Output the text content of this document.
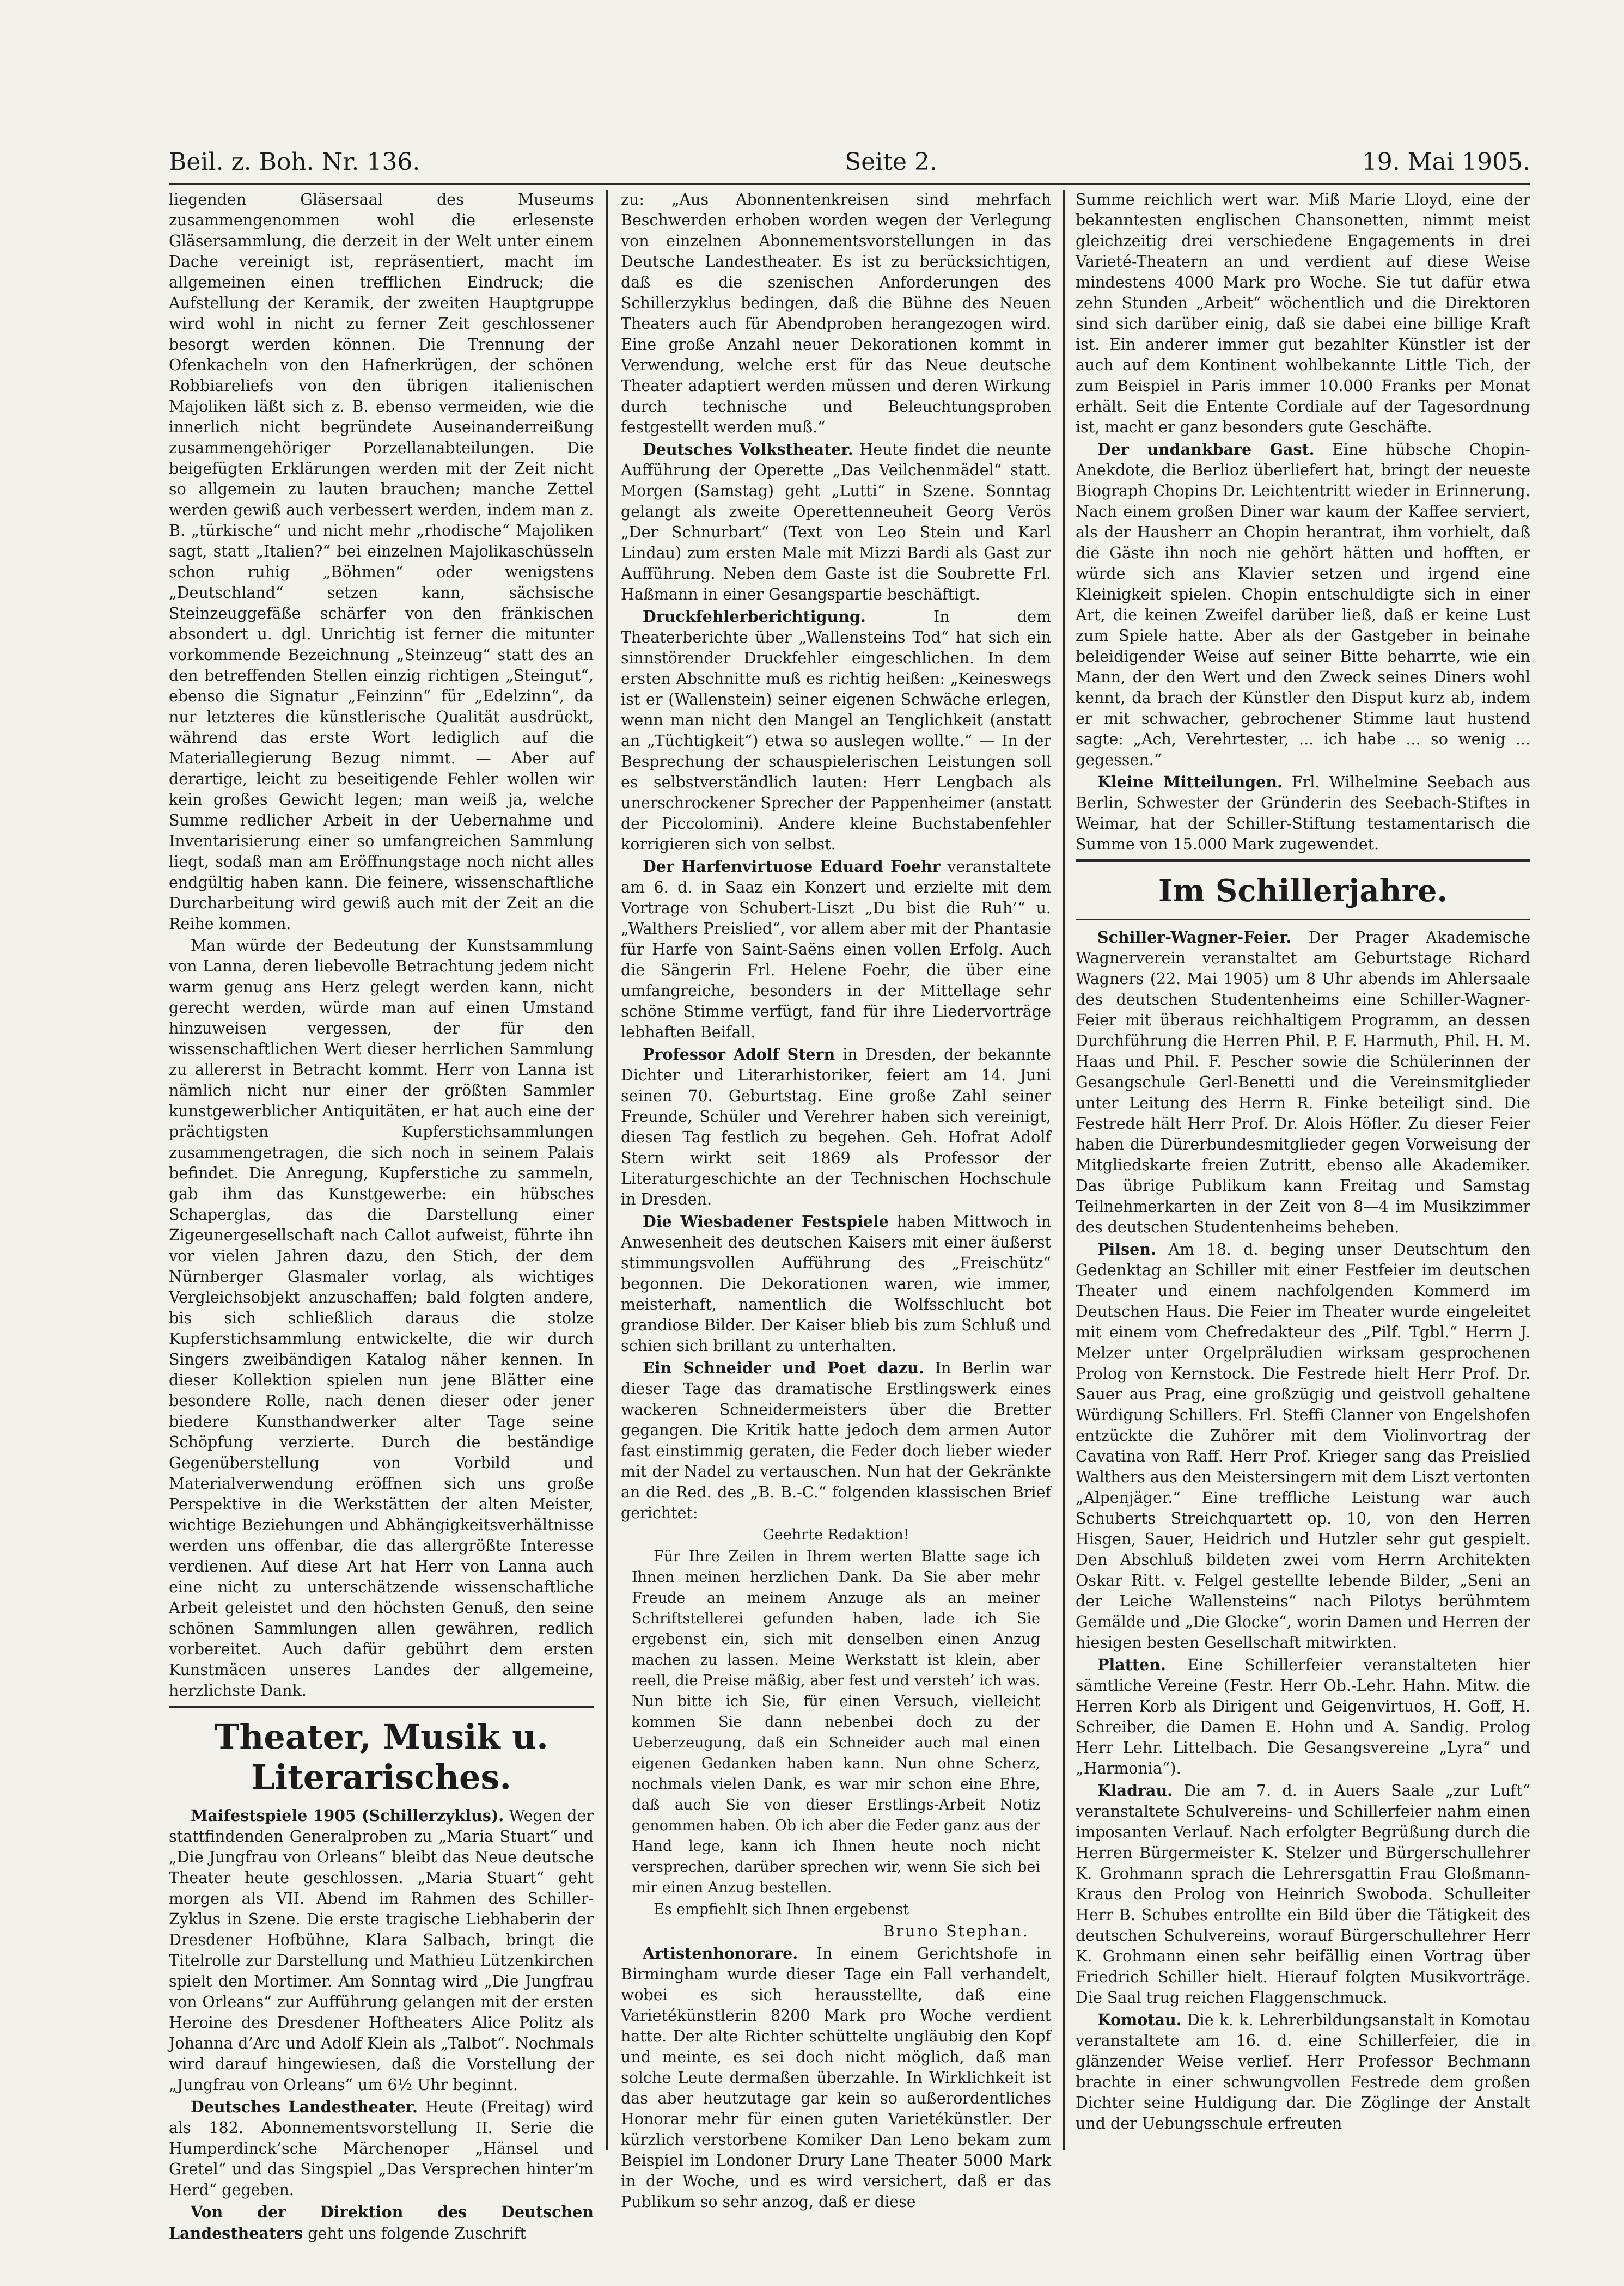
Beil. z. Boh. Nr. 136.	Seite 2.	19. Mai 1905.

liegenden Gläsersaal des Museums zusammengenommen wohl die erlesenste Gläsersammlung, die derzeit in der Welt unter einem Dache vereinigt ist, repräsentiert, macht im allgemeinen einen trefflichen Eindruck; die Aufstellung der Keramik, der zweiten Hauptgruppe wird wohl in nicht zu ferner Zeit geschlossener besorgt werden können. Die Trennung der Ofenkacheln von den Hafnerkrügen, der schönen Robbiareliefs von den übrigen italienischen Majoliken läßt sich z. B. ebenso vermeiden, wie die innerlich nicht begründete Auseinanderreißung zusammengehöriger Porzellanabteilungen. Die beigefügten Erklärungen werden mit der Zeit nicht so allgemein zu lauten brauchen; manche Zettel werden gewiß auch verbessert werden, indem man z. B. „türkische“ und nicht mehr „rhodische“ Majoliken sagt, statt „Italien?“ bei einzelnen Majolikaschüsseln schon ruhig „Böhmen“ oder wenigstens „Deutschland“ setzen kann, sächsische Steinzeuggefäße schärfer von den fränkischen absondert u. dgl. Unrichtig ist ferner die mitunter vorkommende Bezeichnung „Steinzeug“ statt des an den betreffenden Stellen einzig richtigen „Steingut“, ebenso die Signatur „Feinzinn“ für „Edelzinn“, da nur letzteres die künstlerische Qualität ausdrückt, während das erste Wort lediglich auf die Materiallegierung Bezug nimmt. — Aber auf derartige, leicht zu beseitigende Fehler wollen wir kein großes Gewicht legen; man weiß ja, welche Summe redlicher Arbeit in der Uebernahme und Inventarisierung einer so umfangreichen Sammlung liegt, sodaß man am Eröffnungstage noch nicht alles endgültig haben kann. Die feinere, wissenschaftliche Durcharbeitung wird gewiß auch mit der Zeit an die Reihe kommen.

Man würde der Bedeutung der Kunstsammlung von Lanna, deren liebevolle Betrachtung jedem nicht warm genug ans Herz gelegt werden kann, nicht gerecht werden, würde man auf einen Umstand hinzuweisen vergessen, der für den wissenschaftlichen Wert dieser herrlichen Sammlung zu allererst in Betracht kommt. Herr von Lanna ist nämlich nicht nur einer der größten Sammler kunstgewerblicher Antiquitäten, er hat auch eine der prächtigsten Kupferstichsammlungen zusammengetragen, die sich noch in seinem Palais befindet. Die Anregung, Kupferstiche zu sammeln, gab ihm das Kunstgewerbe: ein hübsches Schaperglas, das die Darstellung einer Zigeunergesellschaft nach Callot aufweist, führte ihn vor vielen Jahren dazu, den Stich, der dem Nürnberger Glasmaler vorlag, als wichtiges Vergleichsobjekt anzuschaffen; bald folgten andere, bis sich schließlich daraus die stolze Kupferstichsammlung entwickelte, die wir durch Singers zweibändigen Katalog näher kennen. In dieser Kollektion spielen nun jene Blätter eine besondere Rolle, nach denen dieser oder jener biedere Kunsthandwerker alter Tage seine Schöpfung verzierte. Durch die beständige Gegenüberstellung von Vorbild und Materialverwendung eröffnen sich uns große Perspektive in die Werkstätten der alten Meister, wichtige Beziehungen und Abhängigkeitsverhältnisse werden uns offenbar, die das allergrößte Interesse verdienen. Auf diese Art hat Herr von Lanna auch eine nicht zu unterschätzende wissenschaftliche Arbeit geleistet und den höchsten Genuß, den seine schönen Sammlungen allen gewähren, redlich vorbereitet. Auch dafür gebührt dem ersten Kunstmäcen unseres Landes der allgemeine, herzlichste Dank.

Theater, Musik u. Literarisches.

Maifestspiele 1905 (Schillerzyklus). Wegen der stattfindenden Generalproben zu „Maria Stuart“ und „Die Jungfrau von Orleans“ bleibt das Neue deutsche Theater heute geschlossen. „Maria Stuart“ geht morgen als VII. Abend im Rahmen des Schiller-Zyklus in Szene. Die erste tragische Liebhaberin der Dresdener Hofbühne, Klara Salbach, bringt die Titelrolle zur Darstellung und Mathieu Lützenkirchen spielt den Mortimer. Am Sonntag wird „Die Jungfrau von Orleans“ zur Aufführung gelangen mit der ersten Heroine des Dresdener Hoftheaters Alice Politz als Johanna d’Arc und Adolf Klein als „Talbot“. Nochmals wird darauf hingewiesen, daß die Vorstellung der „Jungfrau von Orleans“ um 6½ Uhr beginnt.

Deutsches Landestheater. Heute (Freitag) wird als 182. Abonnementsvorstellung II. Serie die Humperdinck’sche Märchenoper „Hänsel und Gretel“ und das Singspiel „Das Versprechen hinter’m Herd“ gegeben.

Von der Direktion des Deutschen Landestheaters geht uns folgende Zuschrift

zu: „Aus Abonnentenkreisen sind mehrfach Beschwerden erhoben worden wegen der Verlegung von einzelnen Abonnementsvorstellungen in das Deutsche Landestheater. Es ist zu berücksichtigen, daß es die szenischen Anforderungen des Schillerzyklus bedingen, daß die Bühne des Neuen Theaters auch für Abendproben herangezogen wird. Eine große Anzahl neuer Dekorationen kommt in Verwendung, welche erst für das Neue deutsche Theater adaptiert werden müssen und deren Wirkung durch technische und Beleuchtungsproben festgestellt werden muß.“

Deutsches Volkstheater. Heute findet die neunte Aufführung der Operette „Das Veilchenmädel“ statt. Morgen (Samstag) geht „Lutti“ in Szene. Sonntag gelangt als zweite Operettenneuheit Georg Verös „Der Schnurbart“ (Text von Leo Stein und Karl Lindau) zum ersten Male mit Mizzi Bardi als Gast zur Aufführung. Neben dem Gaste ist die Soubrette Frl. Haßmann in einer Gesangspartie beschäftigt.

Druckfehlerberichtigung.	In dem Theaterberichte über „Wallensteins Tod“ hat sich ein sinnstörender Druckfehler eingeschlichen. In dem ersten Abschnitte muß es richtig heißen: „Keineswegs ist er (Wallenstein) seiner eigenen Schwäche erlegen, wenn man nicht den Mangel an Tenglichkeit (anstatt an „Tüchtigkeit“) etwa so auslegen wollte.“ — In der Besprechung der schauspielerischen Leistungen soll es selbstverständlich lauten: Herr Lengbach als unerschrockener Sprecher der Pappenheimer (anstatt der Piccolomini). Andere kleine Buchstabenfehler korrigieren sich von selbst.

Der Harfenvirtuose Eduard Foehr veranstaltete am 6. d. in Saaz ein Konzert und erzielte mit dem Vortrage von Schubert-Liszt „Du bist die Ruh’“ u. „Walthers Preislied“, vor allem aber mit der Phantasie für Harfe von Saint-Saëns einen vollen Erfolg. Auch die Sängerin Frl. Helene Foehr, die über eine umfangreiche, besonders in der Mittellage sehr schöne Stimme verfügt, fand für ihre Liedervorträge lebhaften Beifall.

Professor Adolf Stern in Dresden, der bekannte Dichter und Literarhistoriker, feiert am 14. Juni seinen 70. Geburtstag. Eine große Zahl seiner Freunde, Schüler und Verehrer haben sich vereinigt, diesen Tag festlich zu begehen. Geh. Hofrat Adolf Stern wirkt seit 1869 als Professor der Literaturgeschichte an der Technischen Hochschule in Dresden.

Die Wiesbadener Festspiele haben Mittwoch in Anwesenheit des deutschen Kaisers mit einer äußerst stimmungsvollen Aufführung des „Freischütz“ begonnen. Die Dekorationen waren, wie immer, meisterhaft, namentlich die Wolfsschlucht bot grandiose Bilder. Der Kaiser blieb bis zum Schluß und schien sich brillant zu unterhalten.

Ein Schneider und Poet dazu. In Berlin war dieser Tage das dramatische Erstlingswerk eines wackeren Schneidermeisters über die Bretter gegangen. Die Kritik hatte jedoch dem armen Autor fast einstimmig geraten, die Feder doch lieber wieder mit der Nadel zu vertauschen. Nun hat der Gekränkte an die Red. des „B. B.-C.“ folgenden klassischen Brief gerichtet:

Geehrte Redaktion!

Für Ihre Zeilen in Ihrem werten Blatte sage ich Ihnen meinen herzlichen Dank. Da Sie aber mehr Freude an meinem Anzuge als an meiner Schriftstellerei gefunden haben, lade ich Sie ergebenst ein, sich mit denselben einen Anzug machen zu lassen. Meine Werkstatt ist klein, aber reell, die Preise mäßig, aber fest und versteh’ ich was. Nun bitte ich Sie, für einen Versuch, vielleicht kommen Sie dann nebenbei doch zu der Ueberzeugung, daß ein Schneider auch mal einen eigenen Gedanken haben kann. Nun ohne Scherz, nochmals vielen Dank, es war mir schon eine Ehre, daß auch Sie von dieser Erstlings-Arbeit Notiz genommen haben. Ob ich aber die Feder ganz aus der Hand lege, kann ich Ihnen heute noch nicht versprechen, darüber sprechen wir, wenn Sie sich bei mir einen Anzug bestellen.

Es empfiehlt sich Ihnen ergebenst

Bruno Stephan.

Artistenhonorare. In einem Gerichtshofe in Birmingham wurde dieser Tage ein Fall verhandelt, wobei es sich herausstellte, daß eine Varietékünstlerin 8200 Mark pro Woche verdient hatte. Der alte Richter schüttelte ungläubig den Kopf und meinte, es sei doch nicht möglich, daß man solche Leute dermaßen überzahle. In Wirklichkeit ist das aber heutzutage gar kein so außerordentliches Honorar mehr für einen guten Varietékünstler. Der kürzlich verstorbene Komiker Dan Leno bekam zum Beispiel im Londoner Drury Lane Theater 5000 Mark in der Woche, und es wird versichert, daß er das Publikum so sehr anzog, daß er diese

Summe reichlich wert war. Miß Marie Lloyd, eine der bekanntesten englischen Chansonetten, nimmt meist gleichzeitig drei verschiedene Engagements in drei Varieté-Theatern an und verdient auf diese Weise mindestens 4000 Mark pro Woche. Sie tut dafür etwa zehn Stunden „Arbeit“ wöchentlich und die Direktoren sind sich darüber einig, daß sie dabei eine billige Kraft ist. Ein anderer immer gut bezahlter Künstler ist der auch auf dem Kontinent wohlbekannte Little Tich, der zum Beispiel in Paris immer 10.000 Franks per Monat erhält. Seit die Entente Cordiale auf der Tagesordnung ist, macht er ganz besonders gute Geschäfte.

Der undankbare Gast. Eine hübsche Chopin-Anekdote, die Berlioz überliefert hat, bringt der neueste Biograph Chopins Dr. Leichtentritt wieder in Erinnerung. Nach einem großen Diner war kaum der Kaffee serviert, als der Hausherr an Chopin herantrat, ihm vorhielt, daß die Gäste ihn noch nie gehört hätten und hofften, er würde sich ans Klavier setzen und irgend eine Kleinigkeit spielen. Chopin entschuldigte sich in einer Art, die keinen Zweifel darüber ließ, daß er keine Lust zum Spiele hatte. Aber als der Gastgeber in beinahe beleidigender Weise auf seiner Bitte beharrte, wie ein Mann, der den Wert und den Zweck seines Diners wohl kennt, da brach der Künstler den Disput kurz ab, indem er mit schwacher, gebrochener Stimme laut hustend sagte: „Ach, Verehrtester, ... ich habe ... so wenig ... gegessen.“

Kleine Mitteilungen. Frl. Wilhelmine Seebach aus Berlin, Schwester der Gründerin des Seebach-Stiftes in Weimar, hat der Schiller-Stiftung testamentarisch die Summe von 15.000 Mark zugewendet.

Im Schillerjahre.

Schiller-Wagner-Feier. Der Prager Akademische Wagnerverein veranstaltet am Geburtstage Richard Wagners (22. Mai 1905) um 8 Uhr abends im Ahlersaale des deutschen Studentenheims eine Schiller-Wagner-Feier mit überaus reichhaltigem Programm, an dessen Durchführung die Herren Phil. P. F. Harmuth, Phil. H. M. Haas und Phil. F. Pescher sowie die Schülerinnen der Gesangschule Gerl-Benetti und die Vereinsmitglieder unter Leitung des Herrn R. Finke beteiligt sind. Die Festrede hält Herr Prof. Dr. Alois Höfler. Zu dieser Feier haben die Dürerbundesmitglieder gegen Vorweisung der Mitgliedskarte freien Zutritt, ebenso alle Akademiker. Das übrige Publikum kann Freitag und Samstag Teilnehmerkarten in der Zeit von 8—4 im Musikzimmer des deutschen Studentenheims beheben.

Pilsen. Am 18. d. beging unser Deutschtum den Gedenktag an Schiller mit einer Festfeier im deutschen Theater und einem nachfolgenden Kommerd im Deutschen Haus. Die Feier im Theater wurde eingeleitet mit einem vom Chefredakteur des „Pilf. Tgbl.“ Herrn J. Melzer unter Orgelpräludien wirksam gesprochenen Prolog von Kernstock. Die Festrede hielt Herr Prof. Dr. Sauer aus Prag, eine großzügig und geistvoll gehaltene Würdigung Schillers. Frl. Steffi Clanner von Engelshofen entzückte die Zuhörer mit dem Violinvortrag der Cavatina von Raff. Herr Prof. Krieger sang das Preislied Walthers aus den Meistersingern mit dem Liszt vertonten „Alpenjäger.“ Eine treffliche Leistung war auch Schuberts Streichquartett op. 10, von den Herren Hisgen, Sauer, Heidrich und Hutzler sehr gut gespielt. Den Abschluß bildeten zwei vom Herrn Architekten Oskar Ritt. v. Felgel gestellte lebende Bilder, „Seni an der Leiche Wallensteins“ nach Pilotys berühmtem Gemälde und „Die Glocke“, worin Damen und Herren der hiesigen besten Gesellschaft mitwirkten.

Platten. Eine Schillerfeier veranstalteten hier sämtliche Vereine (Festr. Herr Ob.-Lehr. Hahn. Mitw. die Herren Korb als Dirigent und Geigenvirtuos, H. Goff, H. Schreiber, die Damen E. Hohn und A. Sandig. Prolog Herr Lehr. Littelbach. Die Gesangsvereine „Lyra“ und „Harmonia“).

Kladrau. Die am 7. d. in Auers Saale „zur Luft“ veranstaltete Schulvereins- und Schillerfeier nahm einen imposanten Verlauf. Nach erfolgter Begrüßung durch die Herren Bürgermeister K. Stelzer und Bürgerschullehrer K. Grohmann sprach die Lehrersgattin Frau Gloßmann-Kraus den Prolog von Heinrich Swoboda. Schulleiter Herr B. Schubes entrollte ein Bild über die Tätigkeit des deutschen Schulvereins, worauf Bürgerschullehrer Herr K. Grohmann einen sehr beifällig einen Vortrag über Friedrich Schiller hielt. Hierauf folgten Musikvorträge. Die Saal trug reichen Flaggenschmuck.

Komotau. Die k. k. Lehrerbildungsanstalt in Komotau veranstaltete am 16. d. eine Schillerfeier, die in glänzender Weise verlief. Herr Professor Bechmann brachte in einer schwungvollen Festrede dem großen Dichter seine Huldigung dar. Die Zöglinge der Anstalt und der Uebungsschule erfreuten
